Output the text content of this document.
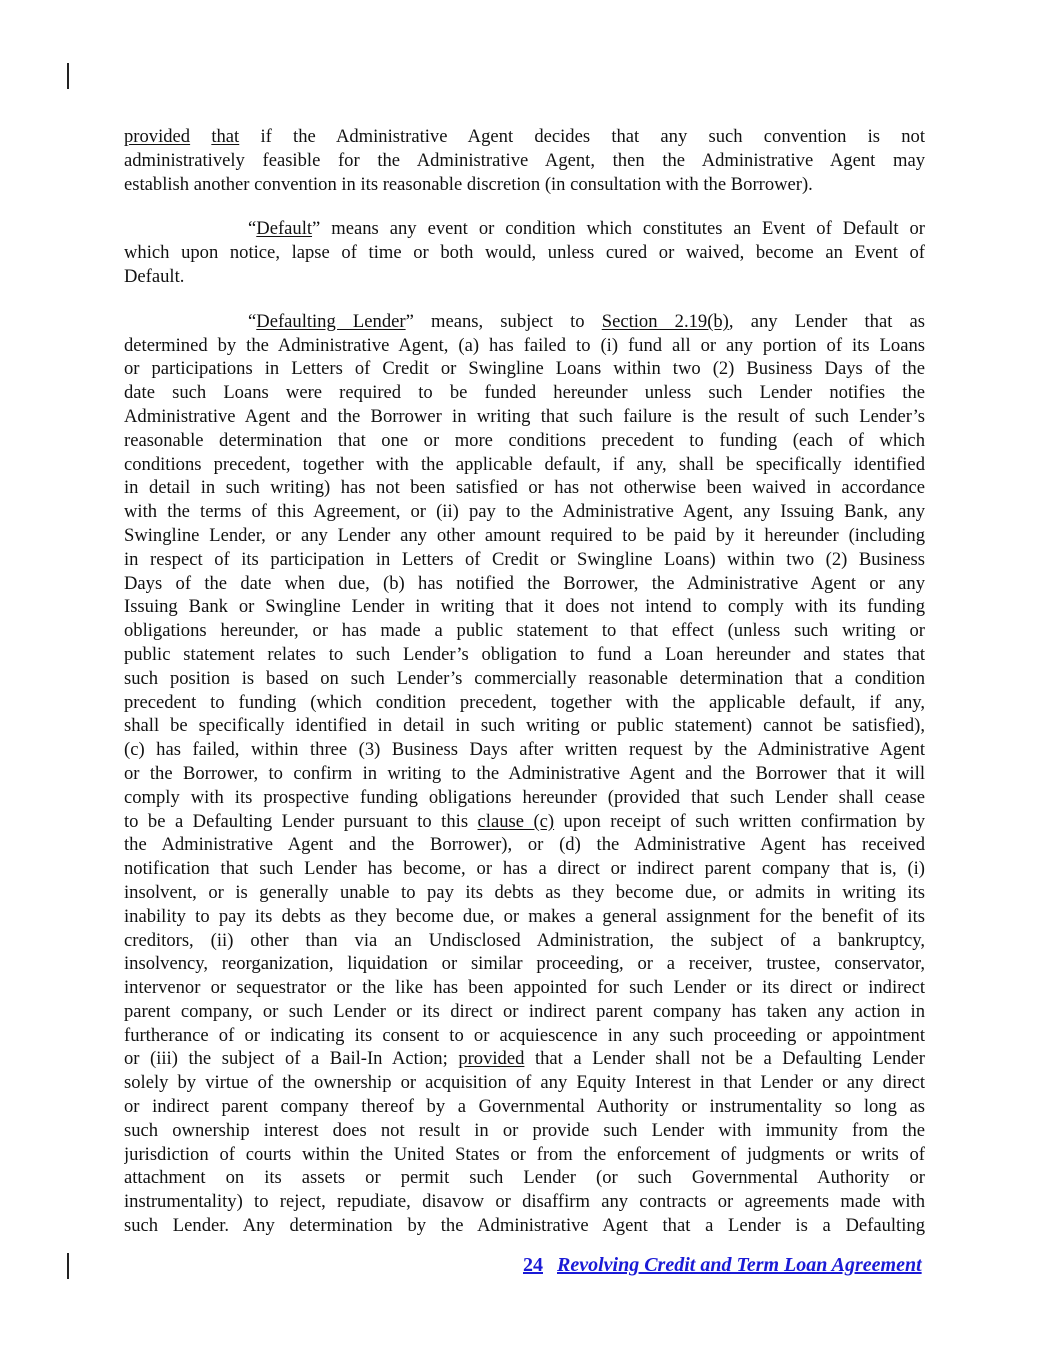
provided that if the Administrative Agent decides that any such convention is not
administratively feasible for the Administrative Agent, then the Administrative Agent may
establish another convention in its reasonable discretion (in consultation with the Borrower).
“Default” means any event or condition which constitutes an Event of Default or
which upon notice, lapse of time or both would, unless cured or waived, become an Event of
Default.
“Defaulting Lender” means, subject to Section 2.19(b), any Lender that as
determined by the Administrative Agent, (a) has failed to (i) fund all or any portion of its Loans
or participations in Letters of Credit or Swingline Loans within two (2) Business Days of the
date such Loans were required to be funded hereunder unless such Lender notifies the
Administrative Agent and the Borrower in writing that such failure is the result of such Lender’s
reasonable determination that one or more conditions precedent to funding (each of which
conditions precedent, together with the applicable default, if any, shall be specifically identified
in detail in such writing) has not been satisfied or has not otherwise been waived in accordance
with the terms of this Agreement, or (ii) pay to the Administrative Agent, any Issuing Bank, any
Swingline Lender, or any Lender any other amount required to be paid by it hereunder (including
in respect of its participation in Letters of Credit or Swingline Loans) within two (2) Business
Days of the date when due, (b) has notified the Borrower, the Administrative Agent or any
Issuing Bank or Swingline Lender in writing that it does not intend to comply with its funding
obligations hereunder, or has made a public statement to that effect (unless such writing or
public statement relates to such Lender’s obligation to fund a Loan hereunder and states that
such position is based on such Lender’s commercially reasonable determination that a condition
precedent to funding (which condition precedent, together with the applicable default, if any,
shall be specifically identified in detail in such writing or public statement) cannot be satisfied),
(c) has failed, within three (3) Business Days after written request by the Administrative Agent
or the Borrower, to confirm in writing to the Administrative Agent and the Borrower that it will
comply with its prospective funding obligations hereunder (provided that such Lender shall cease
to be a Defaulting Lender pursuant to this clause (c) upon receipt of such written confirmation by
the Administrative Agent and the Borrower), or (d) the Administrative Agent has received
notification that such Lender has become, or has a direct or indirect parent company that is, (i)
insolvent, or is generally unable to pay its debts as they become due, or admits in writing its
inability to pay its debts as they become due, or makes a general assignment for the benefit of its
creditors, (ii) other than via an Undisclosed Administration, the subject of a bankruptcy,
insolvency, reorganization, liquidation or similar proceeding, or a receiver, trustee, conservator,
intervenor or sequestrator or the like has been appointed for such Lender or its direct or indirect
parent company, or such Lender or its direct or indirect parent company has taken any action in
furtherance of or indicating its consent to or acquiescence in any such proceeding or appointment
or (iii) the subject of a Bail-In Action; provided that a Lender shall not be a Defaulting Lender
solely by virtue of the ownership or acquisition of any Equity Interest in that Lender or any direct
or indirect parent company thereof by a Governmental Authority or instrumentality so long as
such ownership interest does not result in or provide such Lender with immunity from the
jurisdiction of courts within the United States or from the enforcement of judgments or writs of
attachment on its assets or permit such Lender (or such Governmental Authority or
instrumentality) to reject, repudiate, disavow or disaffirm any contracts or agreements made with
such Lender. Any determination by the Administrative Agent that a Lender is a Defaulting
24 Revolving Credit and Term Loan Agreement
